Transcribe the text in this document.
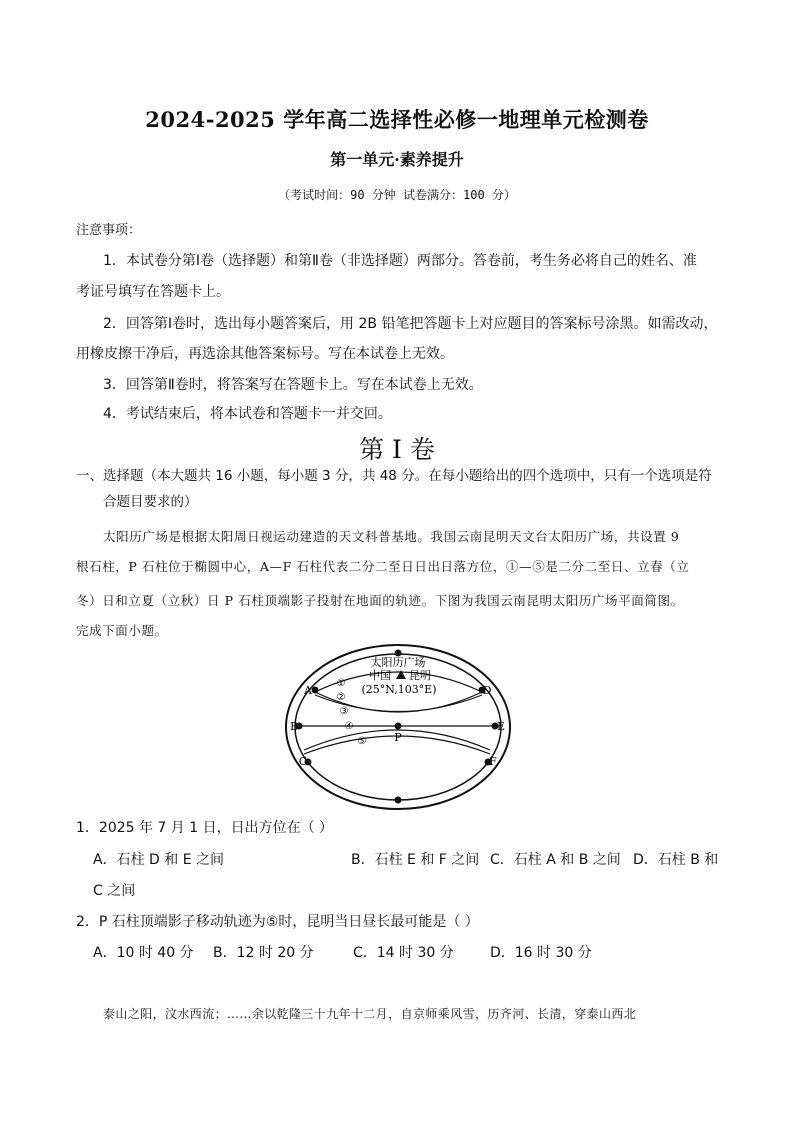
2024-2025 学年高二选择性必修一地理单元检测卷
第一单元·素养提升
（考试时间：90 分钟 试卷满分：100 分）
注意事项：
1．本试卷分第Ⅰ卷（选择题）和第Ⅱ卷（非选择题）两部分。答卷前，考生务必将自己的姓名、准
考证号填写在答题卡上。
2．回答第Ⅰ卷时，选出每小题答案后，用 2B 铅笔把答题卡上对应题目的答案标号涂黑。如需改动，
用橡皮擦干净后，再选涂其他答案标号。写在本试卷上无效。
3．回答第Ⅱ卷时，将答案写在答题卡上。写在本试卷上无效。
4．考试结束后，将本试卷和答题卡一并交回。
第 I 卷
一、选择题（本大题共 16 小题，每小题 3 分，共 48 分。在每小题给出的四个选项中，只有一个选项是符
合题目要求的）
太阳历广场是根据太阳周日视运动建造的天文科普基地。我国云南昆明天文台太阳历广场，共设置 9
根石柱，P 石柱位于椭圆中心，A—F 石柱代表二分二至日日出日落方位，①—⑤是二分二至日、立春（立
冬）日和立夏（立秋）日 P 石柱顶端影子投射在地面的轨迹。下图为我国云南昆明太阳历广场平面简图。
完成下面小题。
太阳历广场
中国 昆明
(25°N,103°E)
①
②
③
④
⑤
A
B
C
D
E
F
P
1．2025 年 7 月 1 日，日出方位在（ ）
A．石柱 D 和 E 之间	B．石柱 E 和 F 之间 C．石柱 A 和 B 之间 D．石柱 B 和
C 之间
2．P 石柱顶端影子移动轨迹为⑤时，昆明当日昼长最可能是（ ）
A．10 时 40 分 B．12 时 20 分	C．14 时 30 分	D．16 时 30 分
泰山之阳，汶水西流；……余以乾隆三十九年十二月，自京师乘风雪，历齐河、长清，穿泰山西北
